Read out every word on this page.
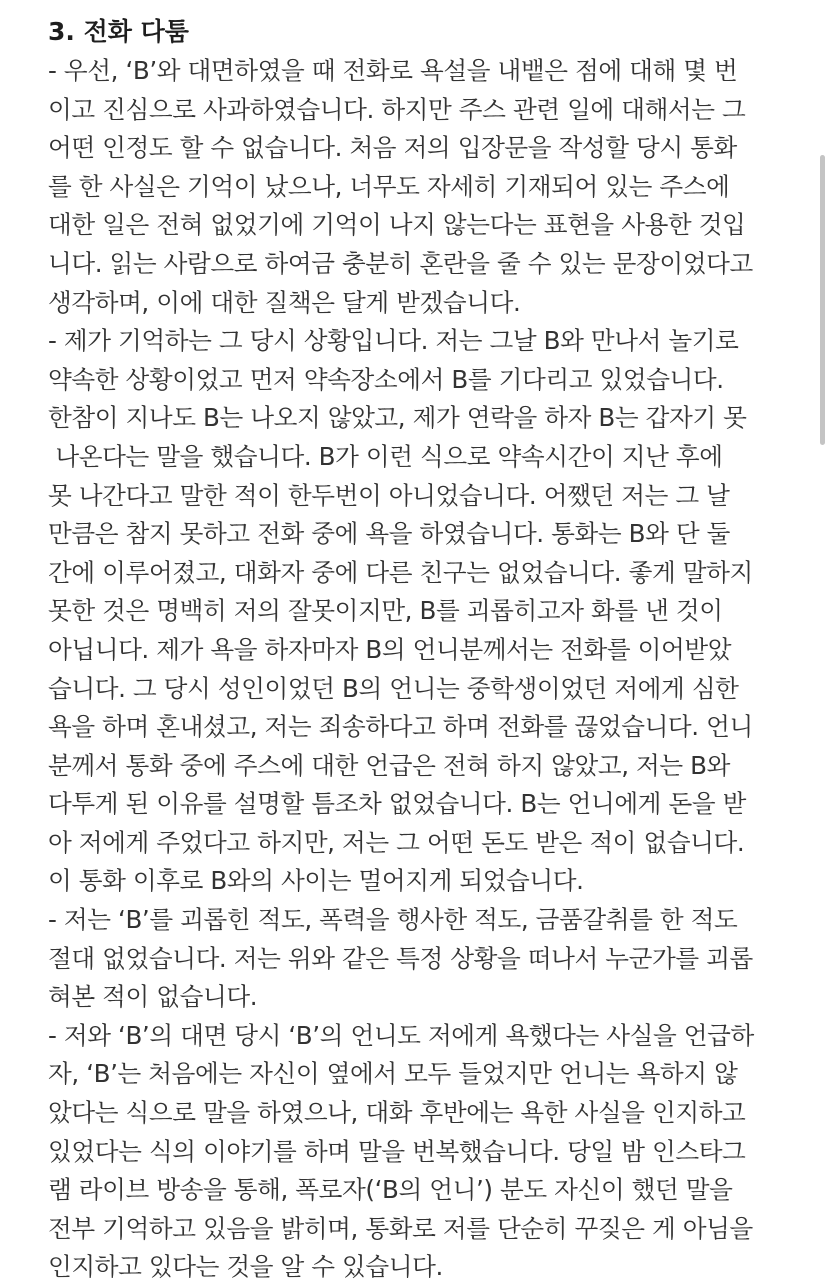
3. 전화 다툼
- 우선, ‘B’와 대면하였을 때 전화로 욕설을 내뱉은 점에 대해 몇 번
이고 진심으로 사과하였습니다. 하지만 주스 관련 일에 대해서는 그
어떤 인정도 할 수 없습니다. 처음 저의 입장문을 작성할 당시 통화
를 한 사실은 기억이 났으나, 너무도 자세히 기재되어 있는 주스에
대한 일은 전혀 없었기에 기억이 나지 않는다는 표현을 사용한 것입
니다. 읽는 사람으로 하여금 충분히 혼란을 줄 수 있는 문장이었다고
생각하며, 이에 대한 질책은 달게 받겠습니다.
- 제가 기억하는 그 당시 상황입니다. 저는 그날 B와 만나서 놀기로
약속한 상황이었고 먼저 약속장소에서 B를 기다리고 있었습니다.
한참이 지나도 B는 나오지 않았고, 제가 연락을 하자 B는 갑자기 못
나온다는 말을 했습니다. B가 이런 식으로 약속시간이 지난 후에
못 나간다고 말한 적이 한두번이 아니었습니다. 어쨌던 저는 그 날
만큼은 참지 못하고 전화 중에 욕을 하였습니다. 통화는 B와 단 둘
간에 이루어졌고, 대화자 중에 다른 친구는 없었습니다. 좋게 말하지
못한 것은 명백히 저의 잘못이지만, B를 괴롭히고자 화를 낸 것이
아닙니다. 제가 욕을 하자마자 B의 언니분께서는 전화를 이어받았
습니다. 그 당시 성인이었던 B의 언니는 중학생이었던 저에게 심한
욕을 하며 혼내셨고, 저는 죄송하다고 하며 전화를 끊었습니다. 언니
분께서 통화 중에 주스에 대한 언급은 전혀 하지 않았고, 저는 B와
다투게 된 이유를 설명할 틈조차 없었습니다. B는 언니에게 돈을 받
아 저에게 주었다고 하지만, 저는 그 어떤 돈도 받은 적이 없습니다.
이 통화 이후로 B와의 사이는 멀어지게 되었습니다.
- 저는 ‘B’를 괴롭힌 적도, 폭력을 행사한 적도, 금품갈취를 한 적도
절대 없었습니다. 저는 위와 같은 특정 상황을 떠나서 누군가를 괴롭
혀본 적이 없습니다.
- 저와 ‘B’의 대면 당시 ‘B’의 언니도 저에게 욕했다는 사실을 언급하
자, ‘B’는 처음에는 자신이 옆에서 모두 들었지만 언니는 욕하지 않
았다는 식으로 말을 하였으나, 대화 후반에는 욕한 사실을 인지하고
있었다는 식의 이야기를 하며 말을 번복했습니다. 당일 밤 인스타그
램 라이브 방송을 통해, 폭로자(‘B의 언니’) 분도 자신이 했던 말을
전부 기억하고 있음을 밝히며, 통화로 저를 단순히 꾸짖은 게 아님을
인지하고 있다는 것을 알 수 있습니다.
